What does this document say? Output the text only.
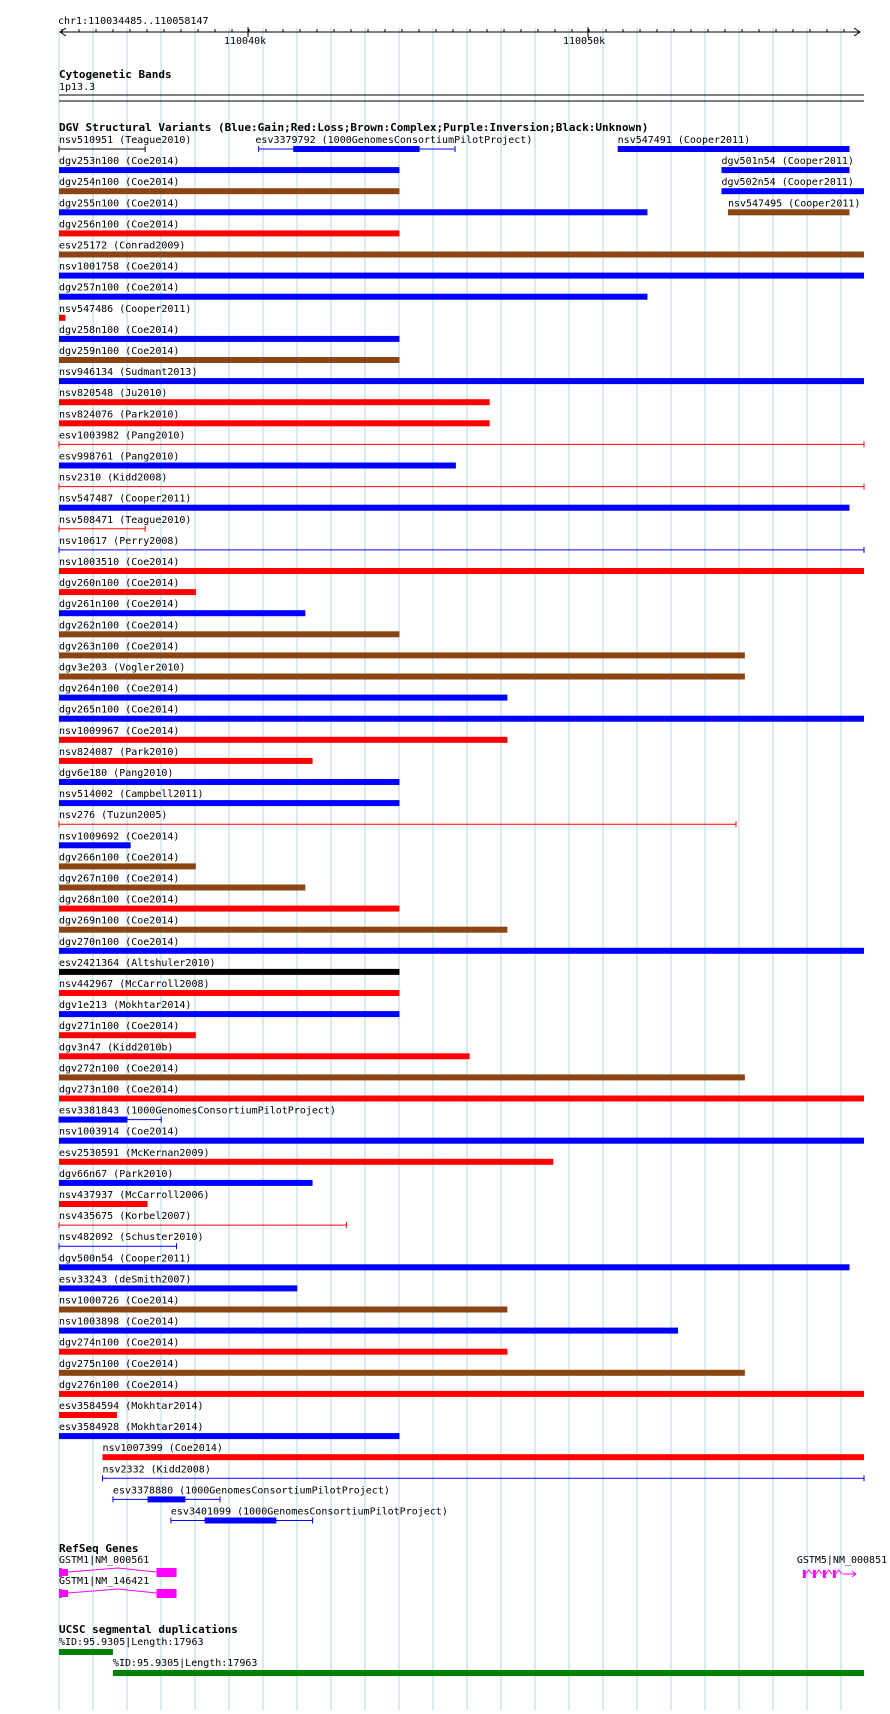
chr1:110034485..110058147
110040k	110050k
Cytogenetic Bands
1p13.3
DGV Structural Variants (Blue:Gain;Red:Loss;Brown:Complex;Purple:Inversion;Black:Unknown)
nsv510951 (Teague2010)	esv3379792 (1000GenomesConsortiumPilotProject)	nsv547491 (Cooper2011)
dgv253n100 (Coe2014)	dgv501n54 (Cooper2011)
dgv254n100 (Coe2014)	dgv502n54 (Cooper2011)
dgv255n100 (Coe2014)	nsv547495 (Cooper2011)
dgv256n100 (Coe2014)
esv25172 (Conrad2009)
nsv1001758 (Coe2014)
dgv257n100 (Coe2014)
nsv547486 (Cooper2011)
dgv258n100 (Coe2014)
dgv259n100 (Coe2014)
nsv946134 (Sudmant2013)
nsv820548 (Ju2010)
nsv824076 (Park2010)
esv1003982 (Pang2010)
esv998761 (Pang2010)
nsv2310 (Kidd2008)
nsv547487 (Cooper2011)
nsv508471 (Teague2010)
nsv10617 (Perry2008)
nsv1003510 (Coe2014)
dgv260n100 (Coe2014)
dgv261n100 (Coe2014)
dgv262n100 (Coe2014)
dgv263n100 (Coe2014)
dgv3e203 (Vogler2010)
dgv264n100 (Coe2014)
dgv265n100 (Coe2014)
nsv1009967 (Coe2014)
nsv824087 (Park2010)
dgv6e180 (Pang2010)
nsv514002 (Campbell2011)
nsv276 (Tuzun2005)
nsv1009692 (Coe2014)
dgv266n100 (Coe2014)
dgv267n100 (Coe2014)
dgv268n100 (Coe2014)
dgv269n100 (Coe2014)
dgv270n100 (Coe2014)
esv2421364 (Altshuler2010)
nsv442967 (McCarroll2008)
dgv1e213 (Mokhtar2014)
dgv271n100 (Coe2014)
dgv3n47 (Kidd2010b)
dgv272n100 (Coe2014)
dgv273n100 (Coe2014)
esv3381843 (1000GenomesConsortiumPilotProject)
nsv1003914 (Coe2014)
esv2530591 (McKernan2009)
dgv66n67 (Park2010)
nsv437937 (McCarroll2006)
nsv435675 (Korbel2007)
nsv482092 (Schuster2010)
dgv500n54 (Cooper2011)
esv33243 (deSmith2007)
nsv1000726 (Coe2014)
nsv1003898 (Coe2014)
dgv274n100 (Coe2014)
dgv275n100 (Coe2014)
dgv276n100 (Coe2014)
esv3584594 (Mokhtar2014)
esv3584928 (Mokhtar2014)
nsv1007399 (Coe2014)
nsv2332 (Kidd2008)
esv3378880 (1000GenomesConsortiumPilotProject)
esv3401099 (1000GenomesConsortiumPilotProject)
RefSeq Genes
GSTM1|NM_000561
GSTM1|NM_146421
GSTM5|NM_000851
UCSC segmental duplications
%ID:95.9305|Length:17963
%ID:95.9305|Length:17963
